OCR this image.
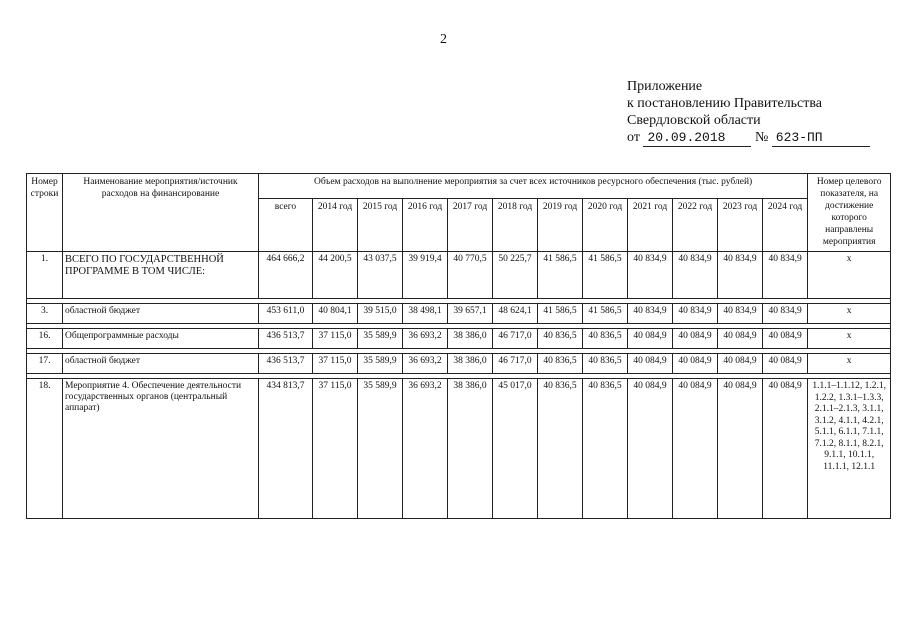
2
Приложение
к постановлению Правительства
Свердловской области
от 20.09.2018 № 623-ПП
Номер строки	Наименование мероприятия/источник расходов на финансирование	Объем расходов на выполнение мероприятия за счет всех источников ресурсного обеспечения (тыс. рублей)												Номер целевого показателя, на достижение которого направлены мероприятия
		всего	2014 год	2015 год	2016 год	2017 год	2018 год	2019 год	2020 год	2021 год	2022 год	2023 год	2024 год	
1.	ВСЕГО ПО ГОСУДАРСТВЕННОЙ ПРОГРАММЕ В ТОМ ЧИСЛЕ:	464 666,2	44 200,5	43 037,5	39 919,4	40 770,5	50 225,7	41 586,5	41 586,5	40 834,9	40 834,9	40 834,9	40 834,9	x

3.	областной бюджет	453 611,0	40 804,1	39 515,0	38 498,1	39 657,1	48 624,1	41 586,5	41 586,5	40 834,9	40 834,9	40 834,9	40 834,9	x

16.	Общепрограммные расходы	436 513,7	37 115,0	35 589,9	36 693,2	38 386,0	46 717,0	40 836,5	40 836,5	40 084,9	40 084,9	40 084,9	40 084,9	x

17.	областной бюджет	436 513,7	37 115,0	35 589,9	36 693,2	38 386,0	46 717,0	40 836,5	40 836,5	40 084,9	40 084,9	40 084,9	40 084,9	x

18.	Мероприятие 4. Обеспечение деятельности государственных органов (центральный аппарат)	434 813,7	37 115,0	35 589,9	36 693,2	38 386,0	45 017,0	40 836,5	40 836,5	40 084,9	40 084,9	40 084,9	40 084,9	1.1.1–1.1.12, 1.2.1, 1.2.2, 1.3.1–1.3.3, 2.1.1–2.1.3, 3.1.1, 3.1.2, 4.1.1, 4.2.1, 5.1.1, 6.1.1, 7.1.1, 7.1.2, 8.1.1, 8.2.1, 9.1.1, 10.1.1, 11.1.1, 12.1.1
